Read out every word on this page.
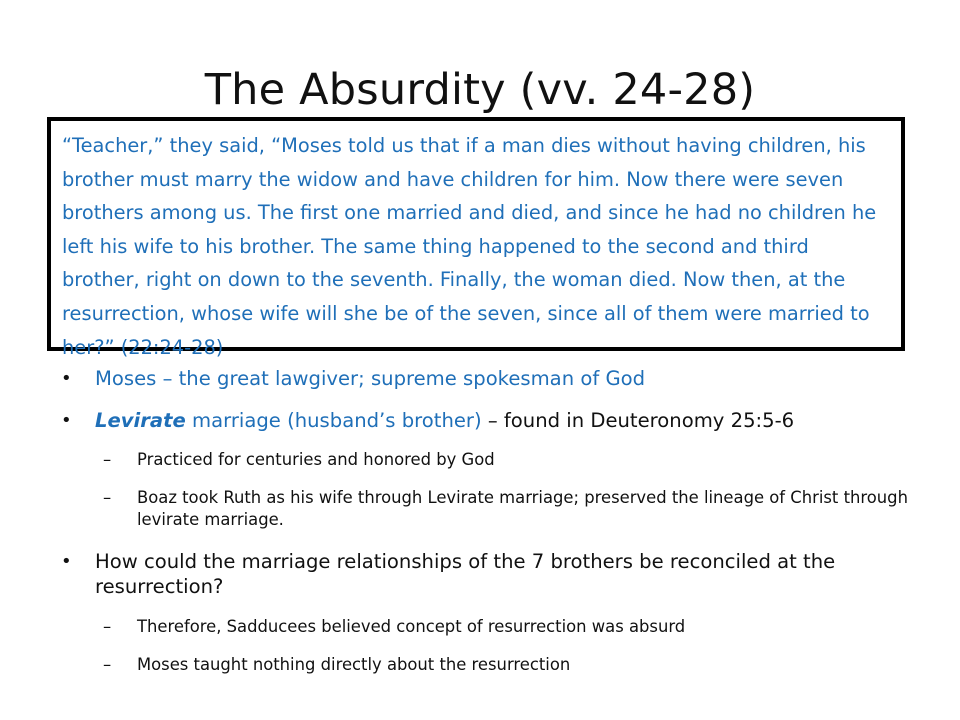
The Absurdity (vv. 24-28)

“Teacher,” they said, “Moses told us that if a man dies without having children, his brother must marry the widow and have children for him. Now there were seven brothers among us. The first one married and died, and since he had no children he left his wife to his brother. The same thing happened to the second and third brother, right on down to the seventh. Finally, the woman died. Now then, at the resurrection, whose wife will she be of the seven, since all of them were married to her?” (22:24-28)

• Moses – the great lawgiver; supreme spokesman of God
• Levirate marriage (husband’s brother) – found in Deuteronomy 25:5-6
– Practiced for centuries and honored by God
– Boaz took Ruth as his wife through Levirate marriage; preserved the lineage of Christ through levirate marriage.
• How could the marriage relationships of the 7 brothers be reconciled at the resurrection?
– Therefore, Sadducees believed concept of resurrection was absurd
– Moses taught nothing directly about the resurrection
